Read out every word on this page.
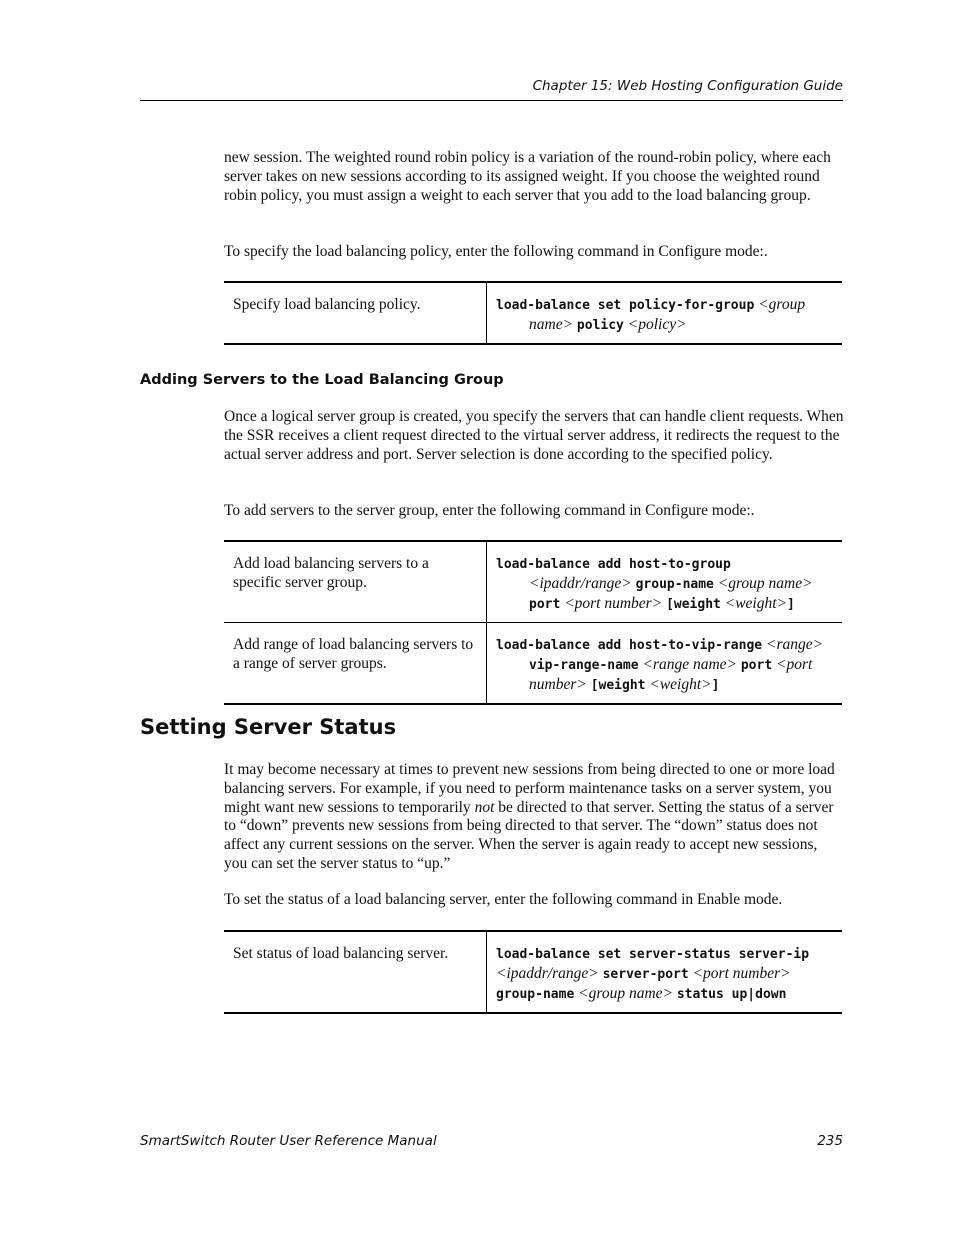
Chapter 15: Web Hosting Configuration Guide

new session. The weighted round robin policy is a variation of the round-robin policy, where each server takes on new sessions according to its assigned weight. If you choose the weighted round robin policy, you must assign a weight to each server that you add to the load balancing group.

To specify the load balancing policy, enter the following command in Configure mode:.

Specify load balancing policy.	load-balance set policy-for-group <group
name> policy <policy>
Adding Servers to the Load Balancing Group

Once a logical server group is created, you specify the servers that can handle client requests. When the SSR receives a client request directed to the virtual server address, it redirects the request to the actual server address and port. Server selection is done according to the specified policy.

To add servers to the server group, enter the following command in Configure mode:.

Add load balancing servers to a specific server group.	load-balance add host-to-group
<ipaddr/range> group-name <group name>
port <port number> [weight <weight>]

Add range of load balancing servers to a range of server groups.	load-balance add host-to-vip-range <range>
vip-range-name <range name> port <port
number> [weight <weight>]
Setting Server Status

It may become necessary at times to prevent new sessions from being directed to one or more load balancing servers. For example, if you need to perform maintenance tasks on a server system, you might want new sessions to temporarily not be directed to that server. Setting the status of a server to “down” prevents new sessions from being directed to that server. The “down” status does not affect any current sessions on the server. When the server is again ready to accept new sessions, you can set the server status to “up.”

To set the status of a load balancing server, enter the following command in Enable mode.

Set status of load balancing server.	load-balance set server-status server-ip
<ipaddr/range> server-port <port number>
group-name <group name> status up|down
SmartSwitch Router User Reference Manual	235
